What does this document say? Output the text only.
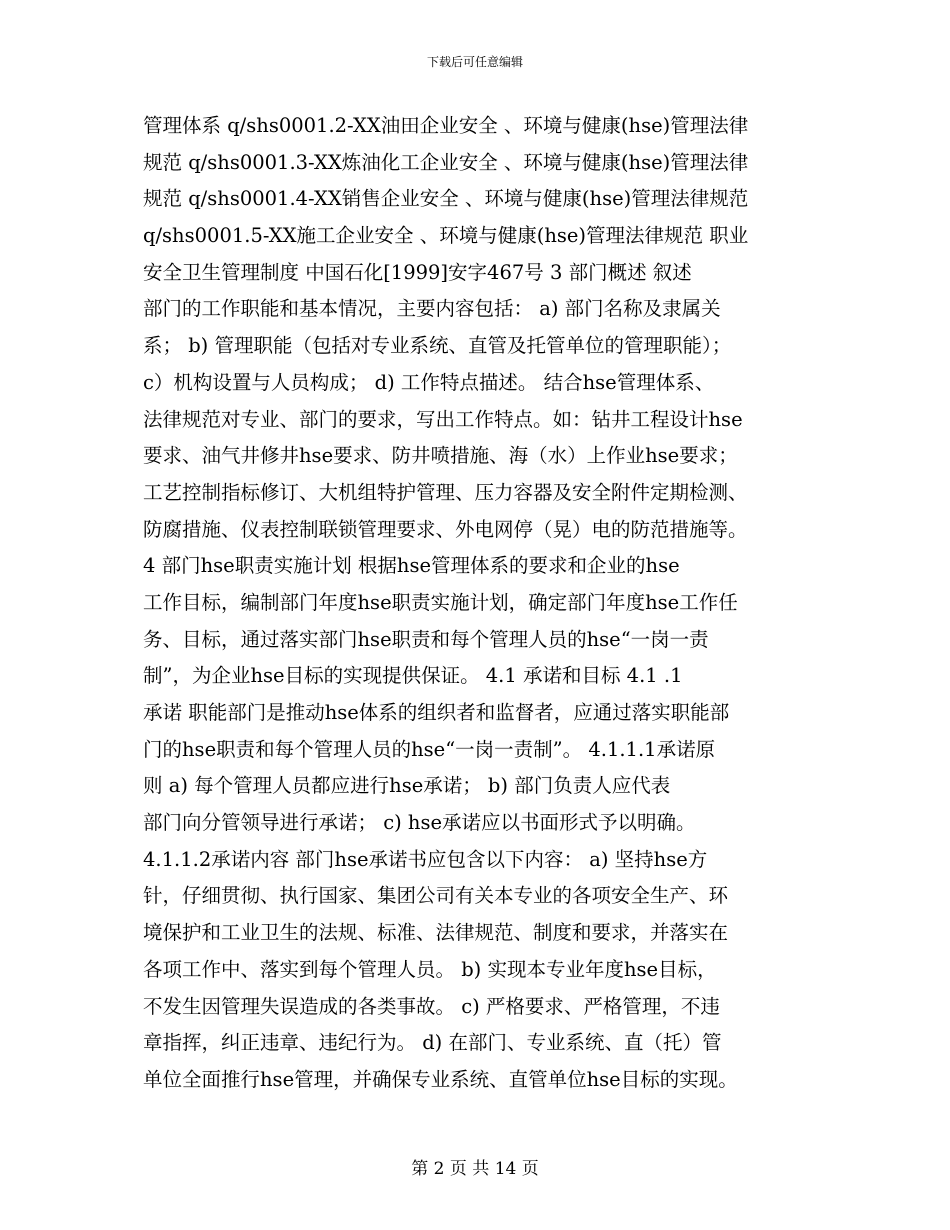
下载后可任意编辑
管理体系 q/shs0001.2-XX油田企业安全 、环境与健康(hse)管理法律
规范 q/shs0001.3-XX炼油化工企业安全 、环境与健康(hse)管理法律
规范 q/shs0001.4-XX销售企业安全 、环境与健康(hse)管理法律规范
q/shs0001.5-XX施工企业安全 、环境与健康(hse)管理法律规范 职业
安全卫生管理制度 中国石化[1999]安字467号 3 部门概述 叙述
部门的工作职能和基本情况，主要内容包括： a) 部门名称及隶属关
系； b) 管理职能（包括对专业系统、直管及托管单位的管理职能）；
c）机构设置与人员构成； d) 工作特点描述。 结合hse管理体系、
法律规范对专业、部门的要求，写出工作特点。如：钻井工程设计hse
要求、油气井修井hse要求、防井喷措施、海（水）上作业hse要求；
工艺控制指标修订、大机组特护管理、压力容器及安全附件定期检测、
防腐措施、仪表控制联锁管理要求、外电网停（晃）电的防范措施等。
4 部门hse职责实施计划 根据hse管理体系的要求和企业的hse
工作目标，编制部门年度hse职责实施计划，确定部门年度hse工作任
务、目标，通过落实部门hse职责和每个管理人员的hse“一岗一责
制”，为企业hse目标的实现提供保证。 4.1 承诺和目标 4.1 .1
承诺 职能部门是推动hse体系的组织者和监督者，应通过落实职能部
门的hse职责和每个管理人员的hse“一岗一责制”。 4.1.1.1承诺原
则 a) 每个管理人员都应进行hse承诺； b) 部门负责人应代表
部门向分管领导进行承诺； c) hse承诺应以书面形式予以明确。
4.1.1.2承诺内容 部门hse承诺书应包含以下内容： a) 坚持hse方
针，仔细贯彻、执行国家、集团公司有关本专业的各项安全生产、环
境保护和工业卫生的法规、标准、法律规范、制度和要求，并落实在
各项工作中、落实到每个管理人员。 b) 实现本专业年度hse目标，
不发生因管理失误造成的各类事故。 c) 严格要求、严格管理，不违
章指挥，纠正违章、违纪行为。 d) 在部门、专业系统、直（托）管
单位全面推行hse管理，并确保专业系统、直管单位hse目标的实现。
第 2 页 共 14 页
